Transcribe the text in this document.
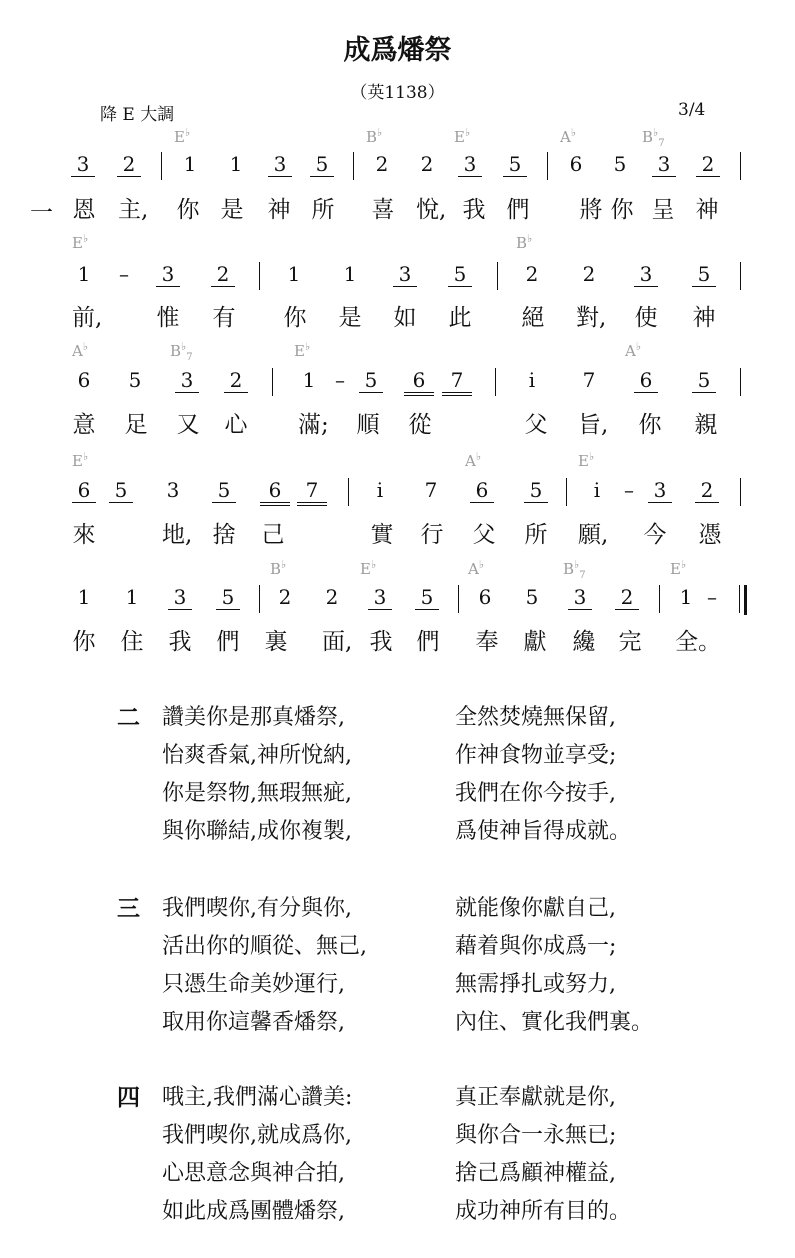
成爲燔祭
（英1138）
降 E 大調	3/4
E♭	B♭	E♭	A♭	$B^♭_7$
E♭	B♭
A♭	$B^♭_7$	E♭	A♭
E♭	A♭	E♭
B♭	E♭	A♭	$B^♭_7$	E♭
3 2 1 1 3 5 2 2 3 5 6 5 3 2
1	–	3 2	1 1 3 5	2 2 3 5
6 5 3 2	1 – 5	6	7	i	7 6 5
6 5 3 5	6	7	i	7 6 5	i	– 3 2
1 1 3 5 2 2 3 5 6 5 3 2 1 –
一 恩 主,	你 是 神 所 喜 悅, 我 們 將 你 呈 神
前,	惟 有 你 是 如 此 絕 對,	使 神
意 足 又 心 滿;	順 從	父 旨,	你 親
來	地, 捨 己	實 行 父 所 願,	今 憑
你 住 我 們 裏 面, 我 們 奉 獻 纔 完 全。
二 讚美你是那真燔祭,	全然焚燒無保留,
怡爽香氣,神所悅納,	作神食物並享受;
你是祭物,無瑕無疵,	我們在你今按手,
與你聯結,成你複製,	爲使神旨得成就。
三 我們喫你,有分與你,	就能像你獻自己,
活出你的順從、無己,	藉着與你成爲一;
只憑生命美妙運行,	無需掙扎或努力,
取用你這馨香燔祭,	內住、實化我們裏。
四 哦主,我們滿心讚美:	真正奉獻就是你,
我們喫你,就成爲你,	與你合一永無已;
心思意念與神合拍,	捨己爲顧神權益,
如此成爲團體燔祭,	成功神所有目的。
